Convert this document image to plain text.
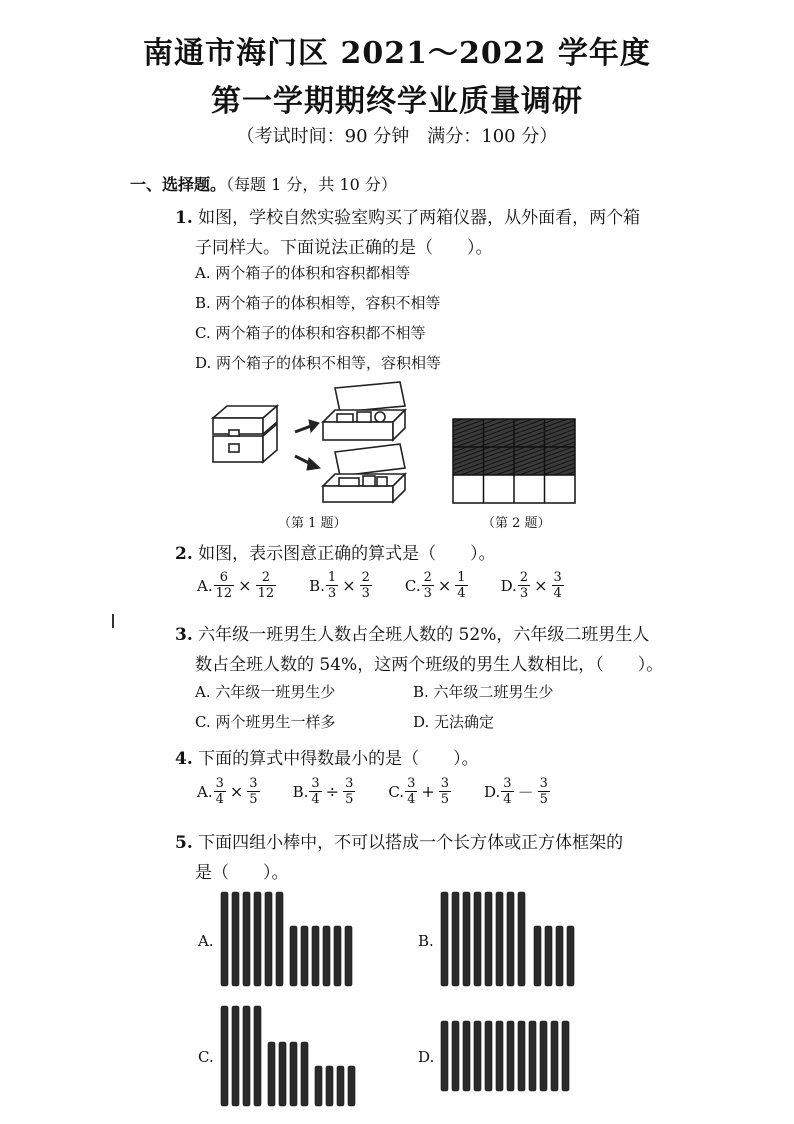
南通市海门区 2021～2022 学年度
第一学期期终学业质量调研
（考试时间：90 分钟　满分：100 分）
一、选择题。（每题 1 分，共 10 分）
1. 如图，学校自然实验室购买了两箱仪器，从外面看，两个箱
子同样大。下面说法正确的是（　　）。
A. 两个箱子的体积和容积都相等
B. 两个箱子的体积相等，容积不相等
C. 两个箱子的体积和容积都不相等
D. 两个箱子的体积不相等，容积相等
（第 1 题）	（第 2 题）
2. 如图，表示图意正确的算式是（　　）。
A. $\frac{6}{12} \times \frac{2}{12} B$. $\frac{1}{3} \times \frac{2}{3} C$. $\frac{2}{3} \times \frac{1}{4} D$. $\frac{2}{3} \times \frac{3}{4}$
3. 六年级一班男生人数占全班人数的 52%，六年级二班男生人
数占全班人数的 54%，这两个班级的男生人数相比，（　　）。
A. 六年级一班男生少	B. 六年级二班男生少
C. 两个班男生一样多	D. 无法确定
4. 下面的算式中得数最小的是（　　）。
A. $\frac{3}{4} \times \frac{3}{5} B$. $\frac{3}{4} \div \frac{3}{5} C$. $\frac{3}{4} + \frac{3}{5} D$. $\frac{3}{4} - \frac{3}{5}$
5. 下面四组小棒中，不可以搭成一个长方体或正方体框架的
是（　　）。
A.	B.
C.	D.
